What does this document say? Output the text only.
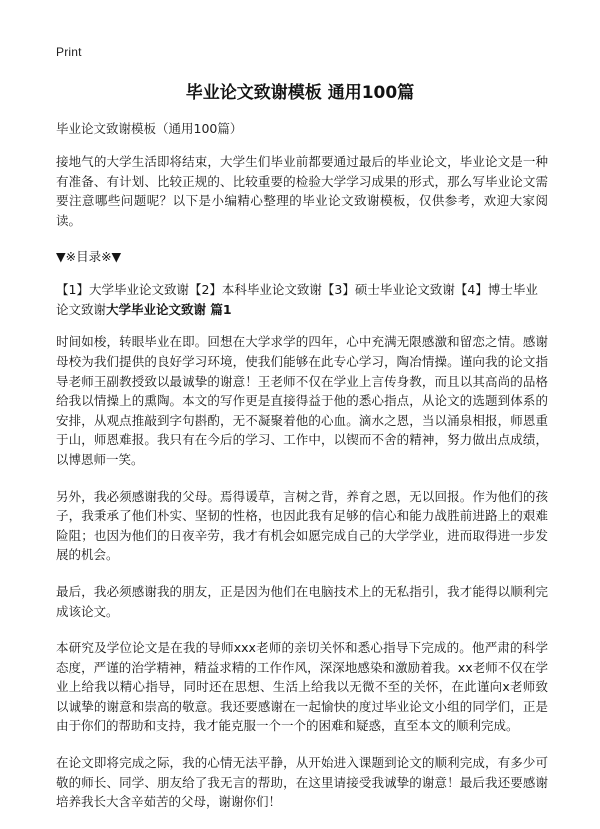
Print
毕业论文致谢模板 通用100篇

毕业论文致谢模板（通用100篇）

接地气的大学生活即将结束，大学生们毕业前都要通过最后的毕业论文，毕业论文是一种有准备、有计划、比较正规的、比较重要的检验大学学习成果的形式，那么写毕业论文需要注意哪些问题呢？以下是小编精心整理的毕业论文致谢模板，仅供参考，欢迎大家阅读。

▼※目录※▼

【1】大学毕业论文致谢【2】本科毕业论文致谢【3】硕士毕业论文致谢【4】博士毕业论文致谢大学毕业论文致谢 篇1

时间如梭，转眼毕业在即。回想在大学求学的四年，心中充满无限感激和留恋之情。感谢母校为我们提供的良好学习环境，使我们能够在此专心学习，陶冶情操。谨向我的论文指导老师王副教授致以最诚挚的谢意！王老师不仅在学业上言传身教，而且以其高尚的品格给我以情操上的熏陶。本文的写作更是直接得益于他的悉心指点，从论文的选题到体系的安排，从观点推敲到字句斟酌，无不凝聚着他的心血。滴水之恩，当以涌泉相报，师恩重于山，师恩难报。我只有在今后的学习、工作中，以锲而不舍的精神，努力做出点成绩，以博恩师一笑。

另外，我必须感谢我的父母。焉得谖草，言树之背，养育之恩，无以回报。作为他们的孩子，我秉承了他们朴实、坚韧的性格，也因此我有足够的信心和能力战胜前进路上的艰难险阻；也因为他们的日夜辛劳，我才有机会如愿完成自己的大学学业，进而取得进一步发展的机会。

最后，我必须感谢我的朋友，正是因为他们在电脑技术上的无私指引，我才能得以顺利完成该论文。

本研究及学位论文是在我的导师xxx老师的亲切关怀和悉心指导下完成的。他严肃的科学态度，严谨的治学精神，精益求精的工作作风，深深地感染和激励着我。xx老师不仅在学业上给我以精心指导，同时还在思想、生活上给我以无微不至的关怀，在此谨向x老师致以诚挚的谢意和崇高的敬意。我还要感谢在一起愉快的度过毕业论文小组的同学们，正是由于你们的帮助和支持，我才能克服一个一个的困难和疑惑，直至本文的顺利完成。

在论文即将完成之际，我的心情无法平静，从开始进入课题到论文的顺利完成，有多少可敬的师长、同学、朋友给了我无言的帮助，在这里请接受我诚挚的谢意！最后我还要感谢培养我长大含辛茹苦的父母，谢谢你们！
